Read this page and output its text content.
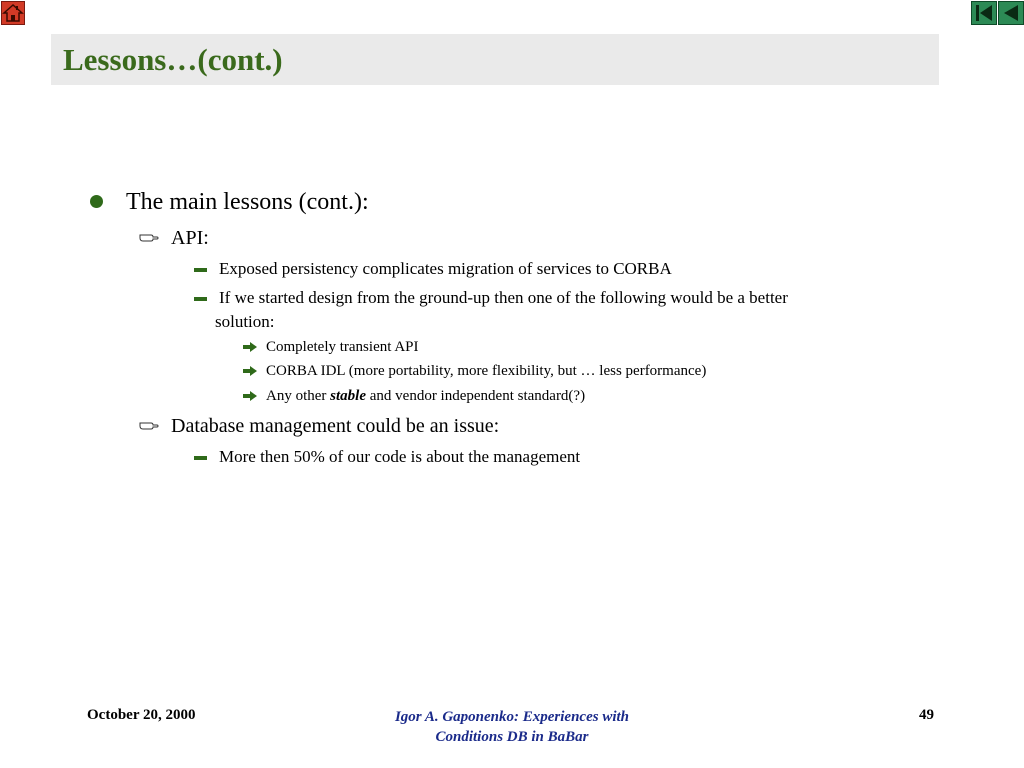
Lessons…(cont.)
The main lessons (cont.):
API:
Exposed persistency complicates migration of services to CORBA
If we started design from the ground-up then one of the following would be a better
solution:
Completely transient API
CORBA IDL (more portability, more flexibility, but … less performance)
Any other stable and vendor independent standard(?)
Database management could be an issue:
More then 50% of our code is about the management
October 20, 2000	Igor A. Gaponenko: Experiences with
Conditions DB in BaBar
49
